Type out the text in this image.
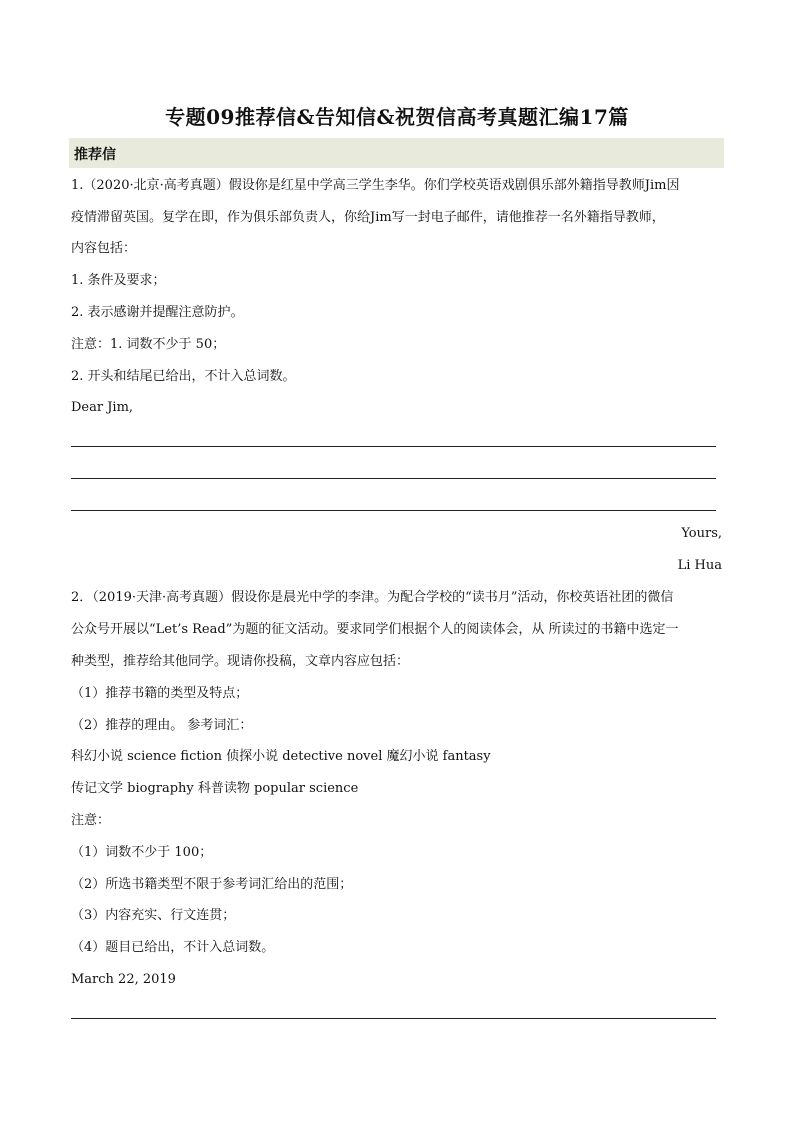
专题09推荐信&告知信&祝贺信高考真题汇编17篇
推荐信
1.（2020·北京·高考真题）假设你是红星中学高三学生李华。你们学校英语戏剧俱乐部外籍指导教师Jim因
疫情滞留英国。复学在即，作为俱乐部负责人，你给Jim写一封电子邮件，请他推荐一名外籍指导教师，
内容包括：
1. 条件及要求；
2. 表示感谢并提醒注意防护。
注意：1. 词数不少于 50；
2. 开头和结尾已给出，不计入总词数。
Dear Jim,
Yours,
Li Hua
2．（2019·天津·高考真题）假设你是晨光中学的李津。为配合学校的“读书月”活动，你校英语社团的微信
公众号开展以“Let’s Read”为题的征文活动。要求同学们根据个人的阅读体会，从 所读过的书籍中选定一
种类型，推荐给其他同学。现请你投稿，文章内容应包括：
（1）推荐书籍的类型及特点；
（2）推荐的理由。 参考词汇：
科幻小说 science fiction 侦探小说 detective novel 魔幻小说 fantasy
传记文学 biography 科普读物 popular science
注意：
（1）词数不少于 100；
（2）所选书籍类型不限于参考词汇给出的范围；
（3）内容充实、行文连贯；
（4）题目已给出，不计入总词数。
March 22, 2019
